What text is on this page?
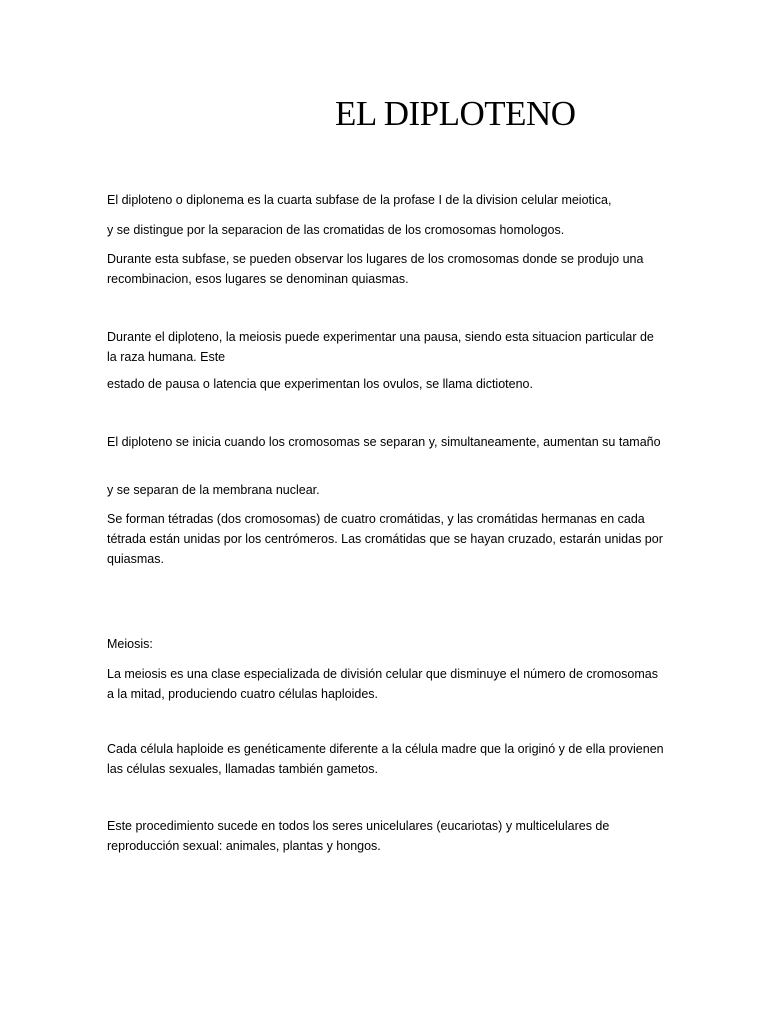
EL DIPLOTENO

El diploteno o diplonema es la cuarta subfase de la profase I de la division celular meiotica,

y se distingue por la separacion de las cromatidas de los cromosomas homologos.

Durante esta subfase, se pueden observar los lugares de los cromosomas donde se produjo una recombinacion, esos lugares se denominan quiasmas.

Durante el diploteno, la meiosis puede experimentar una pausa, siendo esta situacion particular de la raza humana. Este

estado de pausa o latencia que experimentan los ovulos, se llama dictioteno.

El diploteno se inicia cuando los cromosomas se separan y, simultaneamente, aumentan su tamaño

y se separan de la membrana nuclear.

Se forman tétradas (dos cromosomas) de cuatro cromátidas, y las cromátidas hermanas en cada tétrada están unidas por los centrómeros. Las cromátidas que se hayan cruzado, estarán unidas por quiasmas.

Meiosis:

La meiosis es una clase especializada de división celular que disminuye el número de cromosomas a la mitad, produciendo cuatro células haploides.

Cada célula haploide es genéticamente diferente a la célula madre que la originó y de ella provienen las células sexuales, llamadas también gametos.

Este procedimiento sucede en todos los seres unicelulares (eucariotas) y multicelulares de reproducción sexual: animales, plantas y hongos.
